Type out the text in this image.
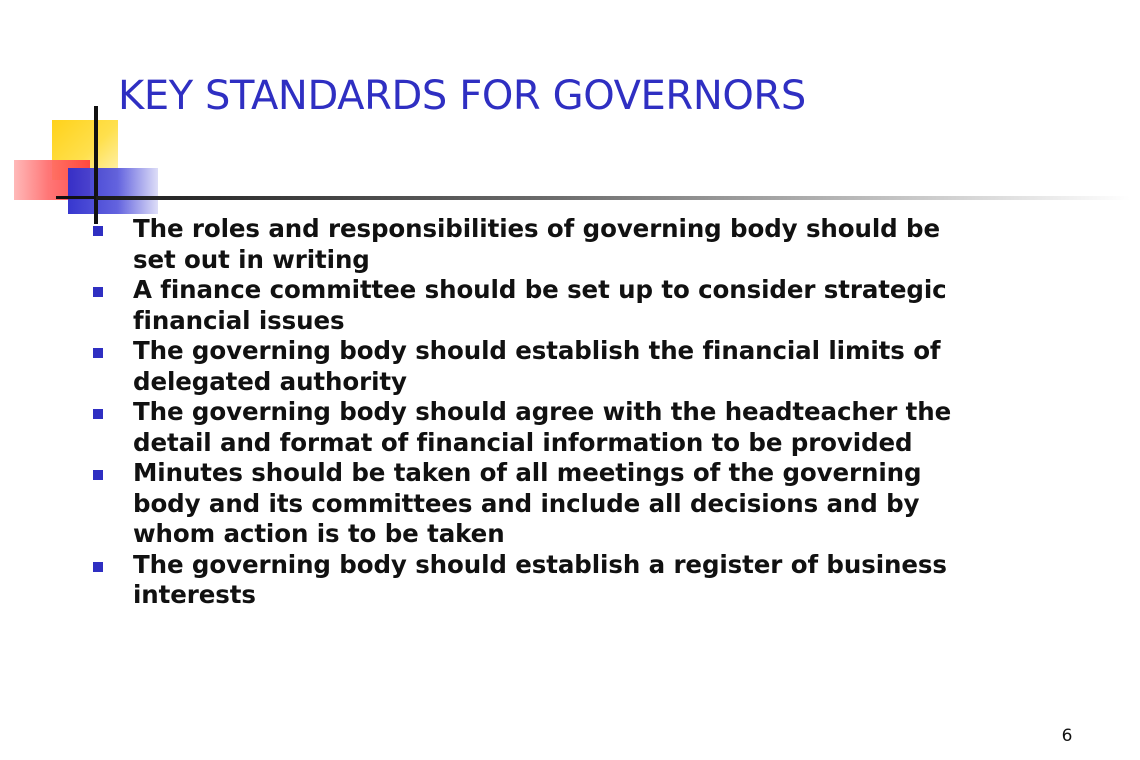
KEY STANDARDS FOR GOVERNORS
The roles and responsibilities of governing body should be set out in writing
A finance committee should be set up to consider strategic financial issues
The governing body should establish the financial limits of delegated authority
The governing body should agree with the headteacher the detail and format of financial information to be provided
Minutes should be taken of all meetings of the governing body and its committees and include all decisions and by whom action is to be taken
The governing body should establish a register of business interests
6
